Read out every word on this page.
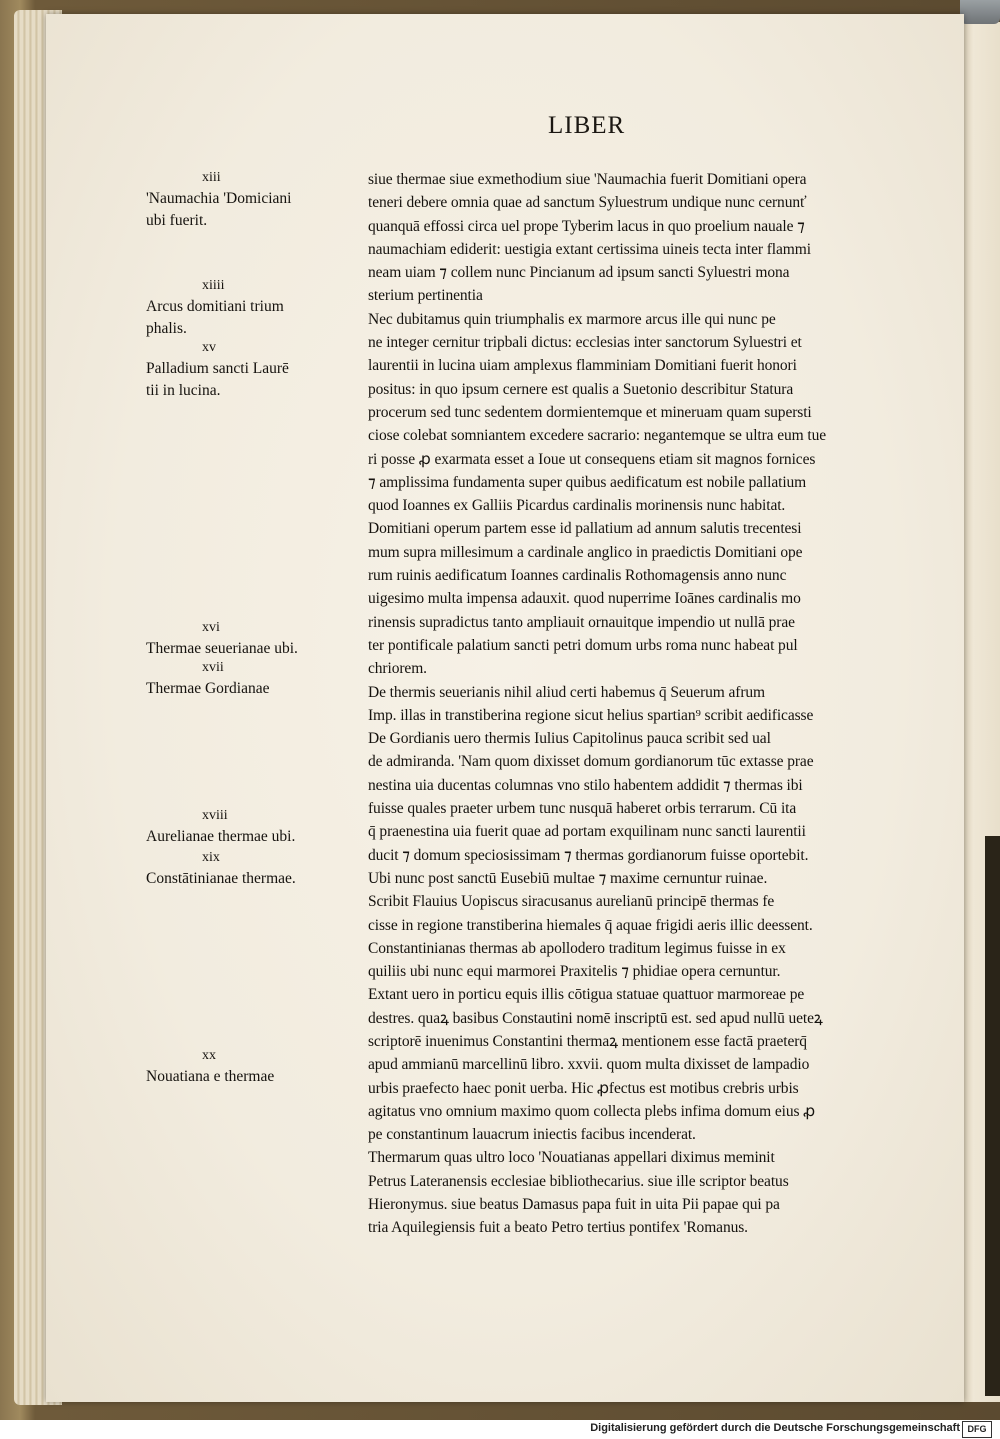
LIBER
xiii
'Naumachia 'Domiciani
ubi fuerit.
xiiii
Arcus domitiani trium
phalis.
xv
Palladium sancti Laurē
tii in lucina.
xvi
Thermae seuerianae ubi.
xvii
Thermae Gordianae
xviii
Aurelianae thermae ubi.
xix
Constātinianae thermae.
xx
Nouatiana e thermae
siue thermae siue exmethodium siue 'Naumachia fuerit Domitiani opera
teneri debere omnia quae ad sanctum Syluestrum undique nunc cernunť
quanquā effossi circa uel prope Tyberim lacus in quo proelium nauale ⁊
naumachiam ediderit: uestigia extant certissima uineis tecta inter flammi
neam uiam ⁊ collem nunc Pincianum ad ipsum sancti Syluestri mona
sterium pertinentia
Nec dubitamus quin triumphalis ex marmore arcus ille qui nunc pe
ne integer cernitur tripbali dictus: ecclesias inter sanctorum Syluestri et
laurentii in lucina uiam amplexus flamminiam Domitiani fuerit honori
positus: in quo ipsum cernere est qualis a Suetonio describitur Statura
procerum sed tunc sedentem dormientemque et mineruam quam supersti
ciose colebat somniantem excedere sacrario: negantemque se ultra eum tue
ri posse ꝓ exarmata esset a Ioue ut consequens etiam sit magnos fornices
⁊ amplissima fundamenta super quibus aedificatum est nobile pallatium
quod Ioannes ex Galliis Picardus cardinalis morinensis nunc habitat.
Domitiani operum partem esse id pallatium ad annum salutis trecentesi
mum supra millesimum a cardinale anglico in praedictis Domitiani ope
rum ruinis aedificatum Ioannes cardinalis Rothomagensis anno nunc
uigesimo multa impensa adauxit. quod nuperrime Ioānes cardinalis mo
rinensis supradictus tanto ampliauit ornauitque impendio ut nullā prae
ter pontificale palatium sancti petri domum urbs roma nunc habeat pul
chriorem.
De thermis seuerianis nihil aliud certi habemus q̄ Seuerum afrum
Imp. illas in transtiberina regione sicut helius spartian⁹ scribit aedificasse
De Gordianis uero thermis Iulius Capitolinus pauca scribit sed ual
de admiranda. 'Nam quom dixisset domum gordianorum tūc extasse prae
nestina uia ducentas columnas vno stilo habentem addidit ⁊ thermas ibi
fuisse quales praeter urbem tunc nusquā haberet orbis terrarum. Cū ita
q̄ praenestina uia fuerit quae ad portam exquilinam nunc sancti laurentii
ducit ⁊ domum speciosissimam ⁊ thermas gordianorum fuisse oportebit.
Ubi nunc post sanctū Eusebiū multae ⁊ maxime cernuntur ruinae.
Scribit Flauius Uopiscus siracusanus aurelianū principē thermas fe
cisse in regione transtiberina hiemales q̄ aquae frigidi aeris illic deessent.
Constantinianas thermas ab apollodero traditum legimus fuisse in ex
quiliis ubi nunc equi marmorei Praxitelis ⁊ phidiae opera cernuntur.
Extant uero in porticu equis illis cōtigua statuae quattuor marmoreae pe
destres. quaꝝ basibus Constautini nomē inscriptū est. sed apud nullū ueteꝝ
scriptorē inuenimus Constantini thermaꝝ mentionem esse factā praeterq̄
apud ammianū marcellinū libro. xxvii. quom multa dixisset de lampadio
urbis praefecto haec ponit uerba. Hic ꝓfectus est motibus crebris urbis
agitatus vno omnium maximo quom collecta plebs infima domum eius ꝓ
pe constantinum lauacrum iniectis facibus incenderat.
Thermarum quas ultro loco 'Nouatianas appellari diximus meminit
Petrus Lateranensis ecclesiae bibliothecarius. siue ille scriptor beatus
Hieronymus. siue beatus Damasus papa fuit in uita Pii papae qui pa
tria Aquilegiensis fuit a beato Petro tertius pontifex 'Romanus.
Digitalisierung gefördert durch die Deutsche Forschungsgemeinschaft DFG
